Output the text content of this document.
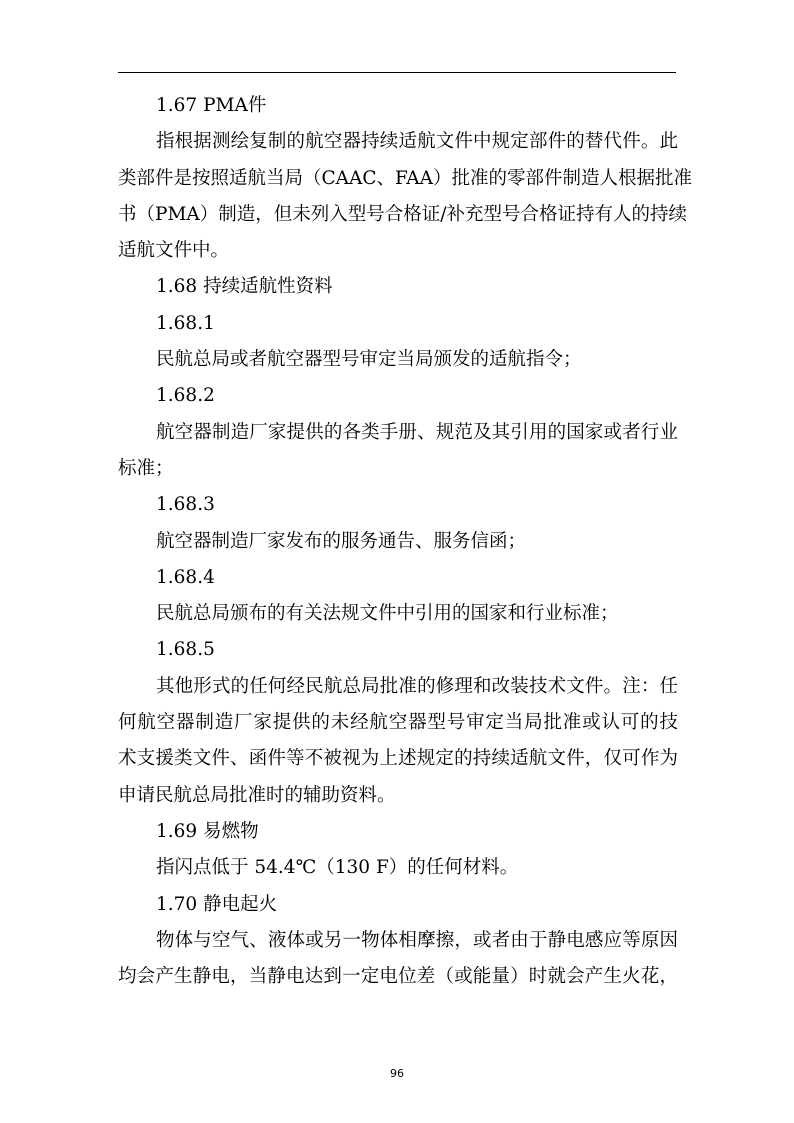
1.67 PMA件
指根据测绘复制的航空器持续适航文件中规定部件的替代件。此
类部件是按照适航当局（CAAC、FAA）批准的零部件制造人根据批准
书（PMA）制造，但未列入型号合格证/补充型号合格证持有人的持续
适航文件中。
1.68 持续适航性资料
1.68.1
民航总局或者航空器型号审定当局颁发的适航指令；
1.68.2
航空器制造厂家提供的各类手册、规范及其引用的国家或者行业
标准；
1.68.3
航空器制造厂家发布的服务通告、服务信函；
1.68.4
民航总局颁布的有关法规文件中引用的国家和行业标准；
1.68.5
其他形式的任何经民航总局批准的修理和改装技术文件。注：任
何航空器制造厂家提供的未经航空器型号审定当局批准或认可的技
术支援类文件、函件等不被视为上述规定的持续适航文件，仅可作为
申请民航总局批准时的辅助资料。
1.69 易燃物
指闪点低于 54.4℃（130 F）的任何材料。
1.70 静电起火
物体与空气、液体或另一物体相摩擦，或者由于静电感应等原因
均会产生静电，当静电达到一定电位差（或能量）时就会产生火花，
96
